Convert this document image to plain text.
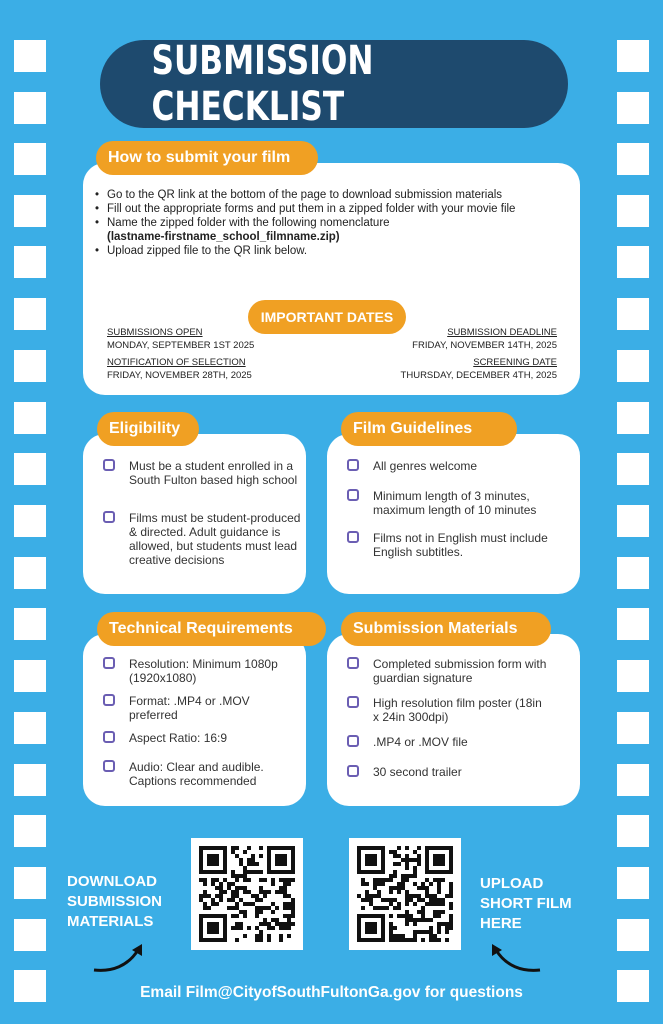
SUBMISSION CHECKLIST
How to submit your film
• Go to the QR link at the bottom of the page to download submission materials
• Fill out the appropriate forms and put them in a zipped folder with your movie file
• Name the zipped folder with the following nomenclature
(lastname-firstname_school_filmname.zip)
• Upload zipped file to the QR link below.
IMPORTANT DATES
SUBMISSIONS OPEN
MONDAY, SEPTEMBER 1ST 2025
SUBMISSION DEADLINE
FRIDAY, NOVEMBER 14TH, 2025
NOTIFICATION OF SELECTION
FRIDAY, NOVEMBER 28TH, 2025
SCREENING DATE
THURSDAY, DECEMBER 4TH, 2025
Eligibility
Must be a student enrolled in a South Fulton based high school
Films must be student-produced & directed. Adult guidance is allowed, but students must lead creative decisions
Film Guidelines
All genres welcome
Minimum length of 3 minutes, maximum length of 10 minutes
Films not in English must include English subtitles.
Technical Requirements
Resolution: Minimum 1080p (1920x1080)
Format: .MP4 or .MOV preferred
Aspect Ratio: 16:9
Audio: Clear and audible. Captions recommended
Submission Materials
Completed submission form with guardian signature
High resolution film poster (18in x 24in 300dpi)
.MP4 or .MOV file
30 second trailer
DOWNLOAD
SUBMISSION
MATERIALS
UPLOAD
SHORT FILM
HERE
Email Film@CityofSouthFultonGa.gov for questions
